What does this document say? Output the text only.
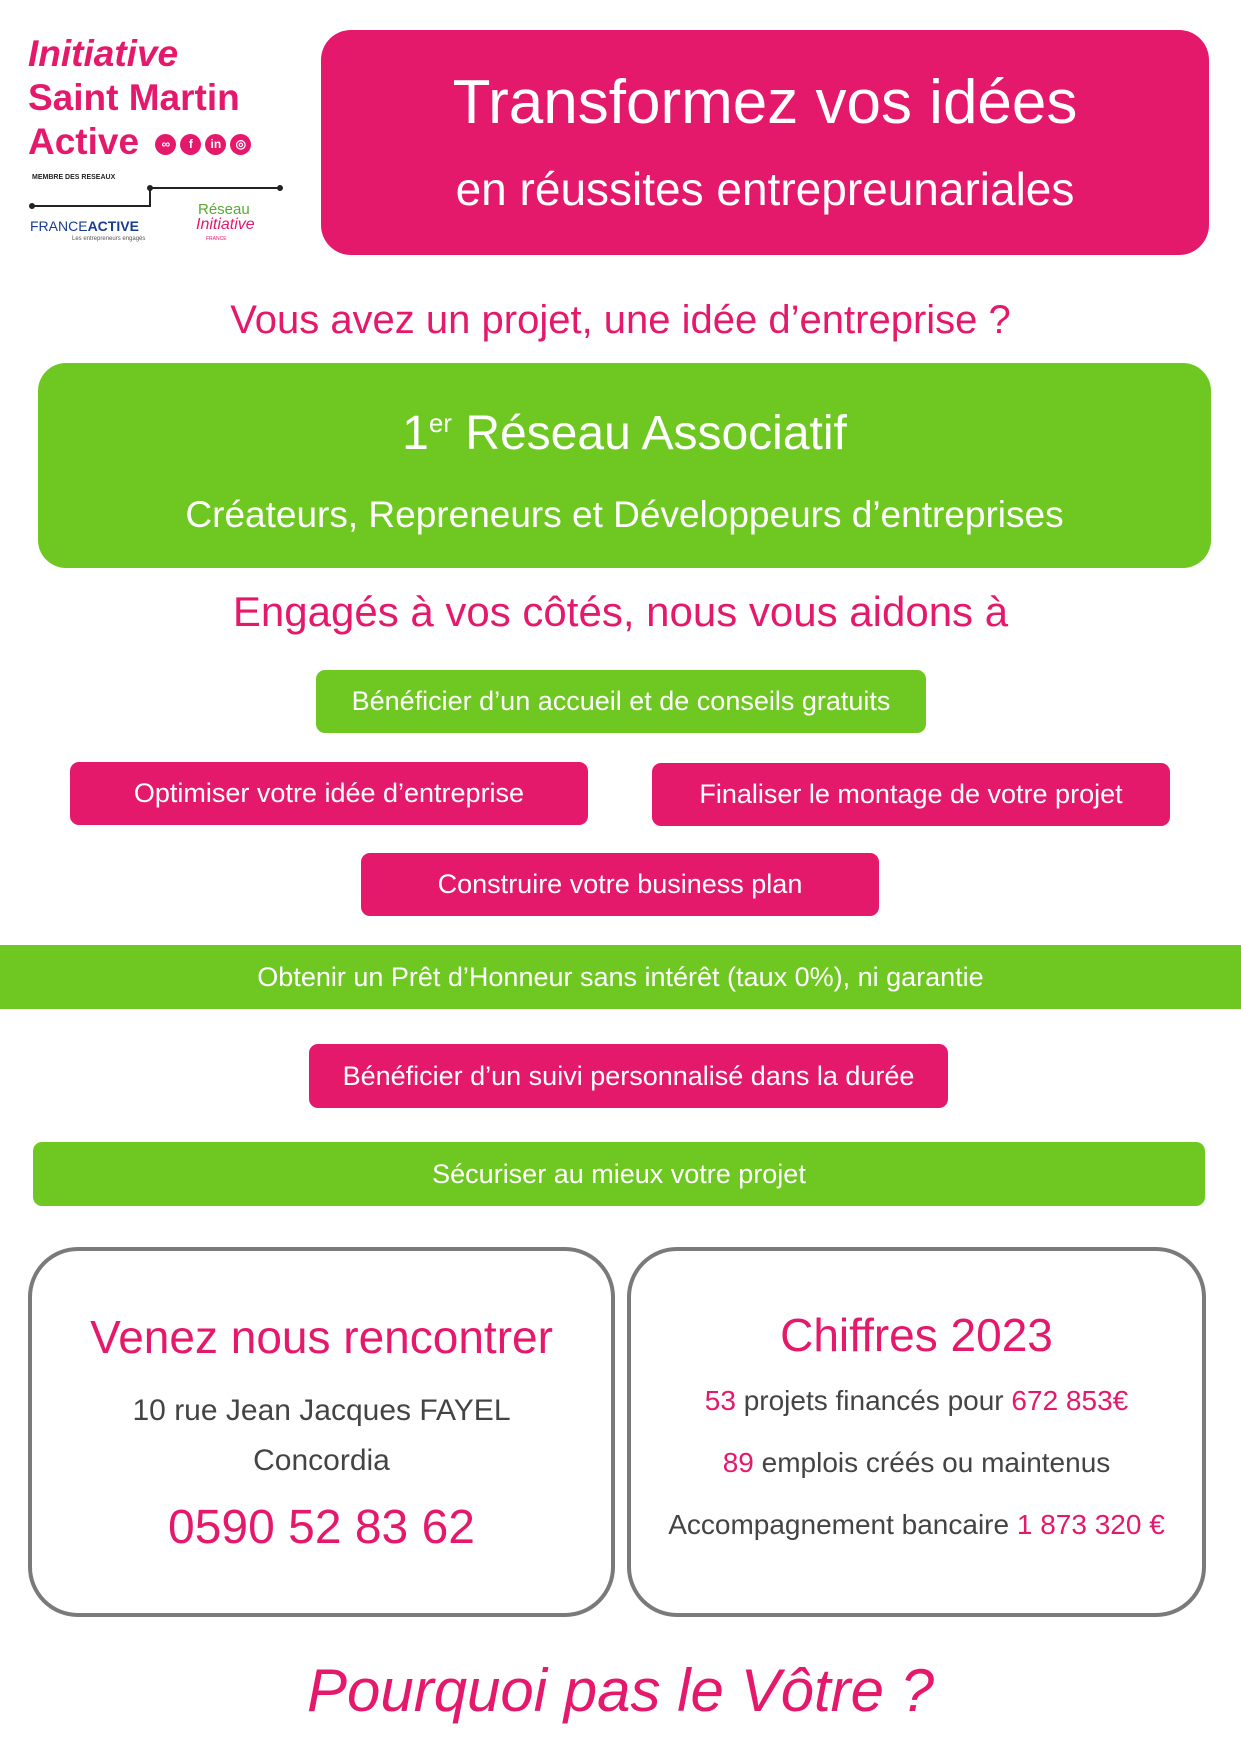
Initiative
Saint Martin
Active	∞	f	in	◎
MEMBRE DES RESEAUX
FRANCEACTIVE
Les entrepreneurs engagés
Réseau
Initiative
FRANCE
Transformez vos idées
en réussites entrepreunariales
Vous avez un projet, une idée d’entreprise ?
1er Réseau Associatif
Créateurs, Repreneurs et Développeurs d’entreprises
Engagés à vos côtés, nous vous aidons à
Bénéficier d’un accueil et de conseils gratuits
Optimiser votre idée d’entreprise	Finaliser le montage de votre projet
Construire votre business plan
Obtenir un Prêt d’Honneur sans intérêt (taux 0%), ni garantie
Bénéficier d’un suivi personnalisé dans la durée
Sécuriser au mieux votre projet
Venez nous rencontrer
10 rue Jean Jacques FAYEL
Concordia
0590 52 83 62
Chiffres 2023
53 projets financés pour 672 853€
89 emplois créés ou maintenus
Accompagnement bancaire 1 873 320 €
Pourquoi pas le Vôtre ?
